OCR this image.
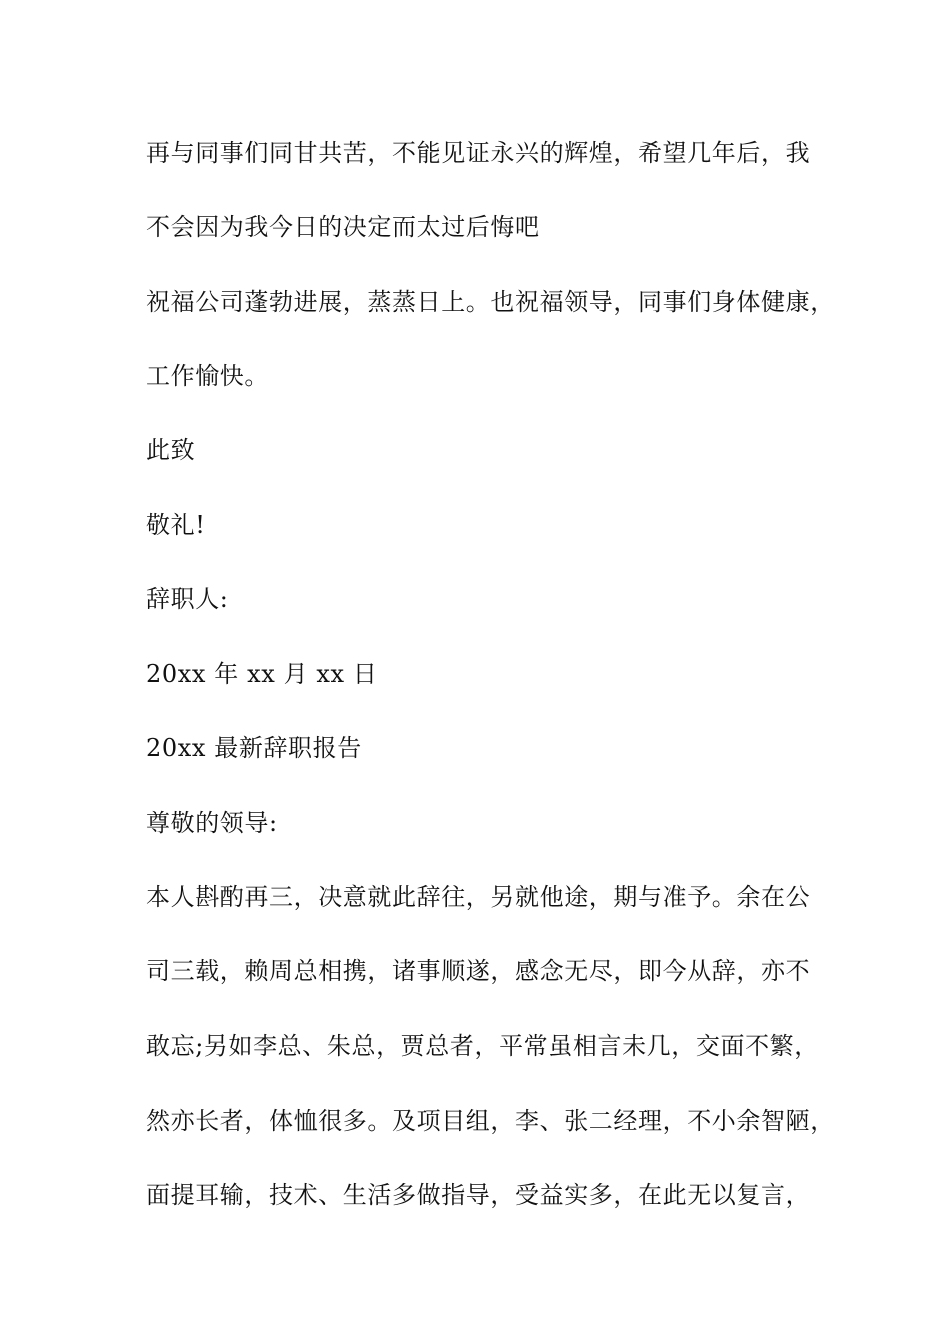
再与同事们同甘共苦，不能见证永兴的辉煌，希望几年后，我
不会因为我今日的决定而太过后悔吧
祝福公司蓬勃进展，蒸蒸日上。也祝福领导，同事们身体健康，
工作愉快。
此致
敬礼!
辞职人:
20xx 年 xx 月 xx 日
20xx 最新辞职报告
尊敬的领导:
本人斟酌再三，决意就此辞往，另就他途，期与准予。余在公
司三载，赖周总相携，诸事顺遂，感念无尽，即今从辞，亦不
敢忘;另如李总、朱总，贾总者，平常虽相言未几，交面不繁，
然亦长者，体恤很多。及项目组，李、张二经理，不小余智陋，
面提耳输，技术、生活多做指导，受益实多，在此无以复言，
